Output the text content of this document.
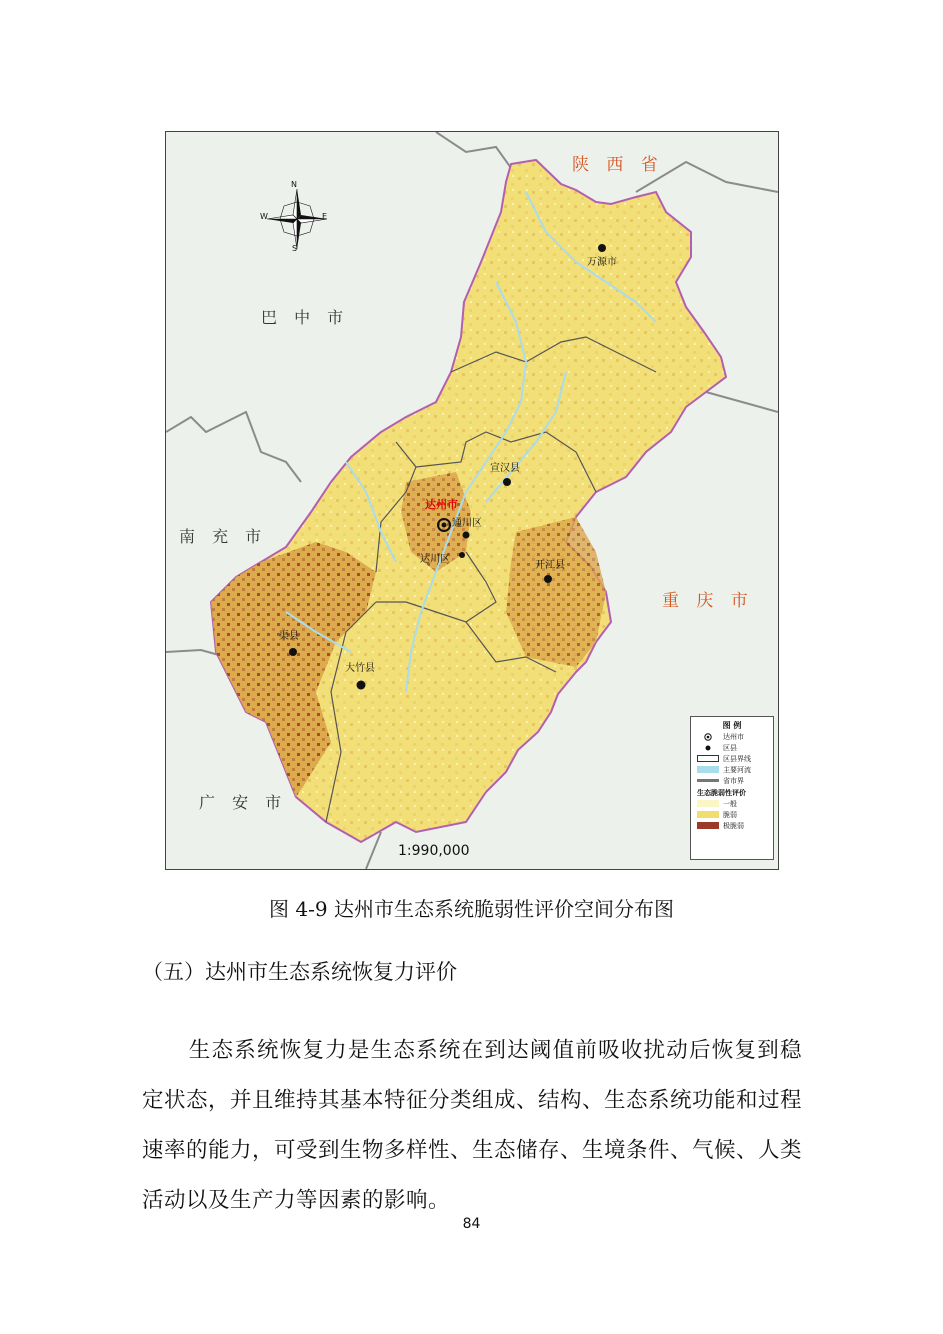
N
S
E
W
陕 西 省
巴 中 市
南 充 市
重 庆 市
广 安 市
万源市
宣汉县
达州市
通川区
达川区
开江县
渠县
大竹县
1:990,000
图 例
达州市
区县
区县界线
主要河流
省市界
生态脆弱性评价
一般
脆弱
极脆弱
图 4-9 达州市生态系统脆弱性评价空间分布图
（五）达州市生态系统恢复力评价
生态系统恢复力是生态系统在到达阈值前吸收扰动后恢复到稳定状态，并且维持其基本特征分类组成、结构、生态系统功能和过程速率的能力，可受到生物多样性、生态储存、生境条件、气候、人类活动以及生产力等因素的影响。
84
